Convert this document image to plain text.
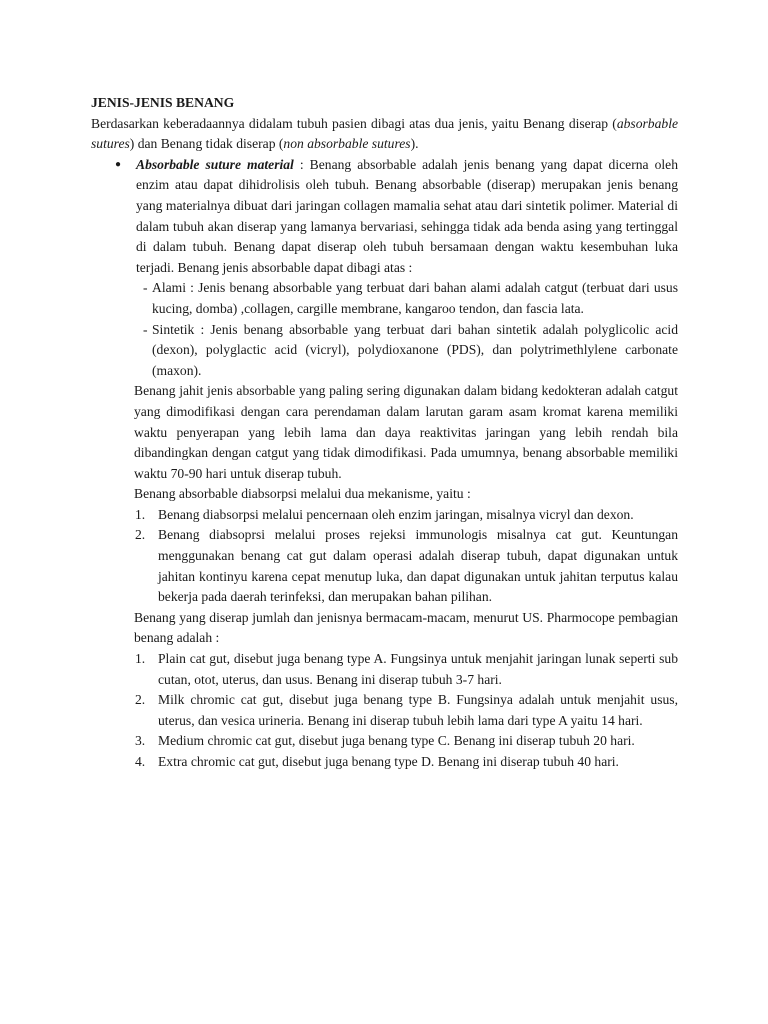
JENIS-JENIS BENANG

Berdasarkan keberadaannya didalam tubuh pasien dibagi atas dua jenis, yaitu Benang diserap (absorbable sutures) dan Benang tidak diserap (non absorbable sutures).

● Absorbable suture material : Benang absorbable adalah jenis benang yang dapat dicerna oleh enzim atau dapat dihidrolisis oleh tubuh. Benang absorbable (diserap) merupakan jenis benang yang materialnya dibuat dari jaringan collagen mamalia sehat atau dari sintetik polimer. Material di dalam tubuh akan diserap yang lamanya bervariasi, sehingga tidak ada benda asing yang tertinggal di dalam tubuh. Benang dapat diserap oleh tubuh bersamaan dengan waktu kesembuhan luka terjadi. Benang jenis absorbable dapat dibagi atas :
- Alami : Jenis benang absorbable yang terbuat dari bahan alami adalah catgut (terbuat dari usus kucing, domba) ,collagen, cargille membrane, kangaroo tendon, dan fascia lata.
- Sintetik : Jenis benang absorbable yang terbuat dari bahan sintetik adalah polyglicolic acid (dexon), polyglactic acid (vicryl), polydioxanone (PDS), dan polytrimethlylene carbonate (maxon).

Benang jahit jenis absorbable yang paling sering digunakan dalam bidang kedokteran adalah catgut yang dimodifikasi dengan cara perendaman dalam larutan garam asam kromat karena memiliki waktu penyerapan yang lebih lama dan daya reaktivitas jaringan yang lebih rendah bila dibandingkan dengan catgut yang tidak dimodifikasi. Pada umumnya, benang absorbable memiliki waktu 70-90 hari untuk diserap tubuh.

Benang absorbable diabsorpsi melalui dua mekanisme, yaitu :

1. Benang diabsorpsi melalui pencernaan oleh enzim jaringan, misalnya vicryl dan dexon.
2. Benang diabsoprsi melalui proses rejeksi immunologis misalnya cat gut. Keuntungan menggunakan benang cat gut dalam operasi adalah diserap tubuh, dapat digunakan untuk jahitan kontinyu karena cepat menutup luka, dan dapat digunakan untuk jahitan terputus kalau bekerja pada daerah terinfeksi, dan merupakan bahan pilihan.

Benang yang diserap jumlah dan jenisnya bermacam-macam, menurut US. Pharmocope pembagian benang adalah :

1. Plain cat gut, disebut juga benang type A. Fungsinya untuk menjahit jaringan lunak seperti sub cutan, otot, uterus, dan usus. Benang ini diserap tubuh 3-7 hari.
2. Milk chromic cat gut, disebut juga benang type B. Fungsinya adalah untuk menjahit usus, uterus, dan vesica urineria. Benang ini diserap tubuh lebih lama dari type A yaitu 14 hari.
3. Medium chromic cat gut, disebut juga benang type C. Benang ini diserap tubuh 20 hari.
4. Extra chromic cat gut, disebut juga benang type D. Benang ini diserap tubuh 40 hari.
